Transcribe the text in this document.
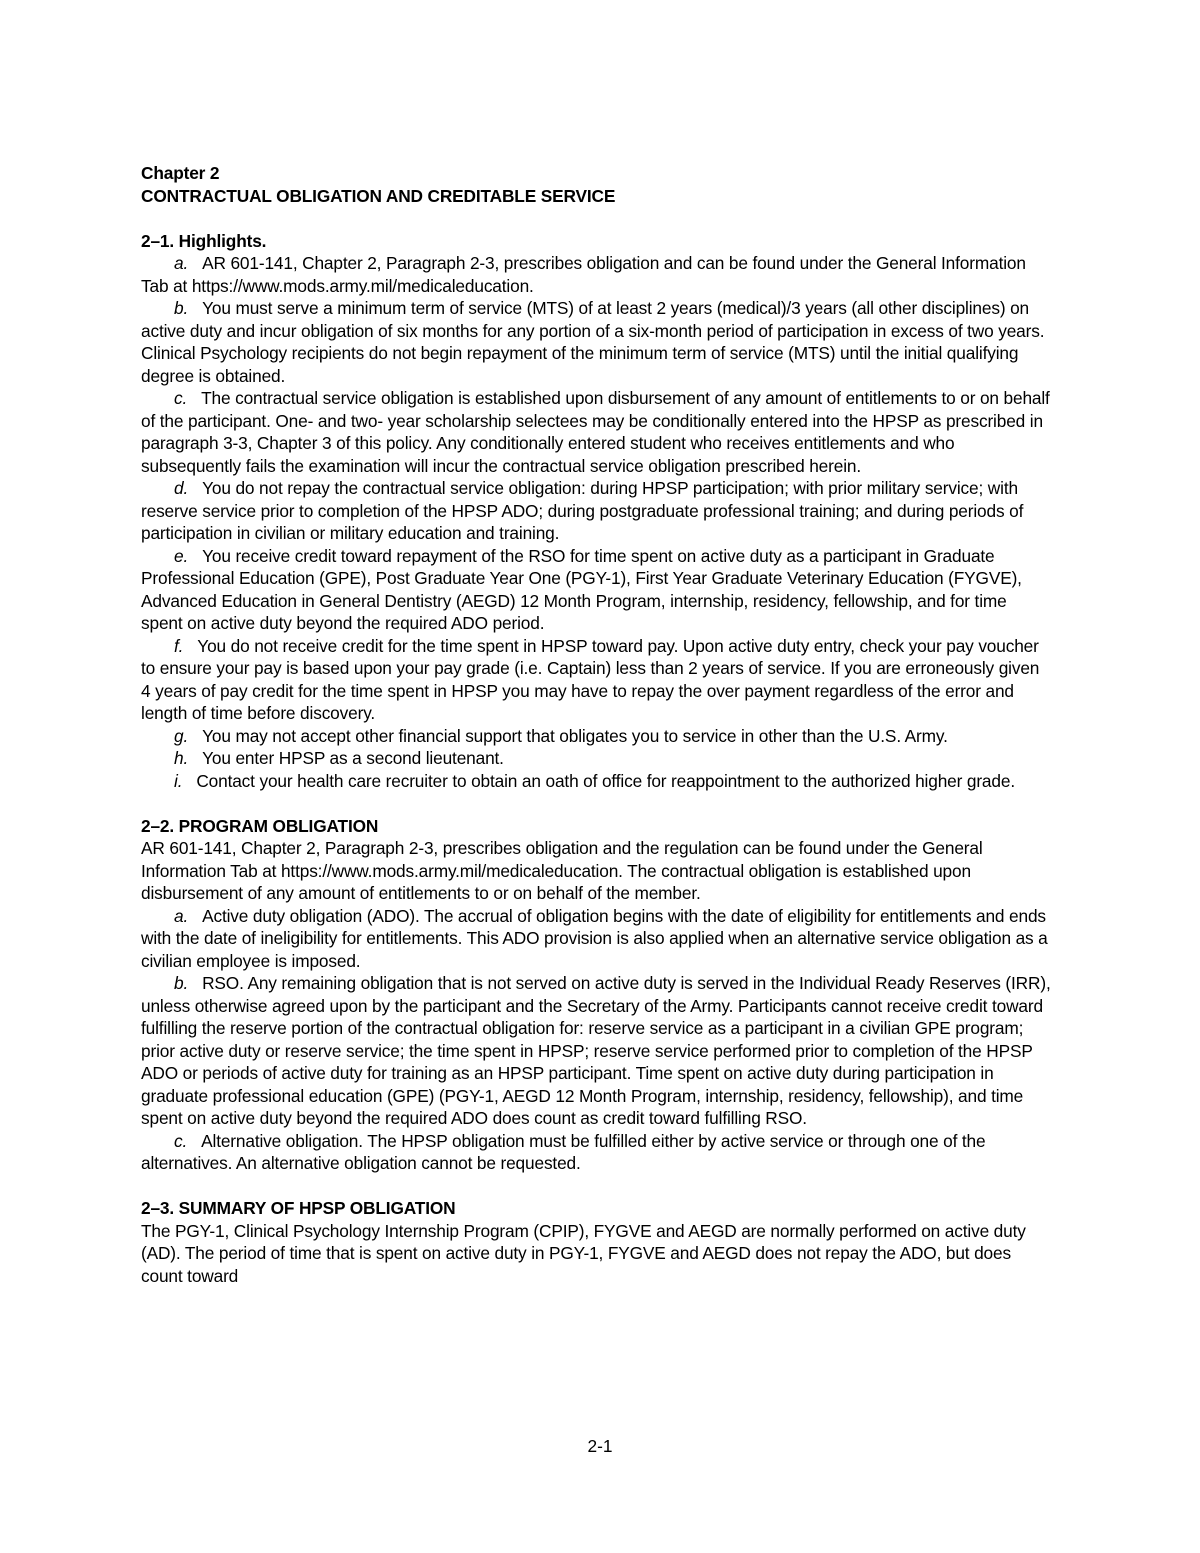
Chapter 2
CONTRACTUAL OBLIGATION AND CREDITABLE SERVICE
2–1. Highlights.
a. AR 601-141, Chapter 2, Paragraph 2-3, prescribes obligation and can be found under the General Information Tab at https://www.mods.army.mil/medicaleducation.
b. You must serve a minimum term of service (MTS) of at least 2 years (medical)/3 years (all other disciplines) on active duty and incur obligation of six months for any portion of a six-month period of participation in excess of two years. Clinical Psychology recipients do not begin repayment of the minimum term of service (MTS) until the initial qualifying degree is obtained.
c. The contractual service obligation is established upon disbursement of any amount of entitlements to or on behalf of the participant. One- and two- year scholarship selectees may be conditionally entered into the HPSP as prescribed in paragraph 3-3, Chapter 3 of this policy. Any conditionally entered student who receives entitlements and who subsequently fails the examination will incur the contractual service obligation prescribed herein.
d. You do not repay the contractual service obligation: during HPSP participation; with prior military service; with reserve service prior to completion of the HPSP ADO; during postgraduate professional training; and during periods of participation in civilian or military education and training.
e. You receive credit toward repayment of the RSO for time spent on active duty as a participant in Graduate Professional Education (GPE), Post Graduate Year One (PGY-1), First Year Graduate Veterinary Education (FYGVE), Advanced Education in General Dentistry (AEGD) 12 Month Program, internship, residency, fellowship, and for time spent on active duty beyond the required ADO period.
f. You do not receive credit for the time spent in HPSP toward pay. Upon active duty entry, check your pay voucher to ensure your pay is based upon your pay grade (i.e. Captain) less than 2 years of service. If you are erroneously given 4 years of pay credit for the time spent in HPSP you may have to repay the over payment regardless of the error and length of time before discovery.
g. You may not accept other financial support that obligates you to service in other than the U.S. Army.
h. You enter HPSP as a second lieutenant.
i. Contact your health care recruiter to obtain an oath of office for reappointment to the authorized higher grade.
2–2. PROGRAM OBLIGATION
AR 601-141, Chapter 2, Paragraph 2-3, prescribes obligation and the regulation can be found under the General Information Tab at https://www.mods.army.mil/medicaleducation. The contractual obligation is established upon disbursement of any amount of entitlements to or on behalf of the member.
a. Active duty obligation (ADO). The accrual of obligation begins with the date of eligibility for entitlements and ends with the date of ineligibility for entitlements. This ADO provision is also applied when an alternative service obligation as a civilian employee is imposed.
b. RSO. Any remaining obligation that is not served on active duty is served in the Individual Ready Reserves (IRR), unless otherwise agreed upon by the participant and the Secretary of the Army. Participants cannot receive credit toward fulfilling the reserve portion of the contractual obligation for: reserve service as a participant in a civilian GPE program; prior active duty or reserve service; the time spent in HPSP; reserve service performed prior to completion of the HPSP ADO or periods of active duty for training as an HPSP participant. Time spent on active duty during participation in graduate professional education (GPE) (PGY-1, AEGD 12 Month Program, internship, residency, fellowship), and time spent on active duty beyond the required ADO does count as credit toward fulfilling RSO.
c. Alternative obligation. The HPSP obligation must be fulfilled either by active service or through one of the alternatives. An alternative obligation cannot be requested.
2–3. SUMMARY OF HPSP OBLIGATION
The PGY-1, Clinical Psychology Internship Program (CPIP), FYGVE and AEGD are normally performed on active duty (AD). The period of time that is spent on active duty in PGY-1, FYGVE and AEGD does not repay the ADO, but does count toward
2-1
